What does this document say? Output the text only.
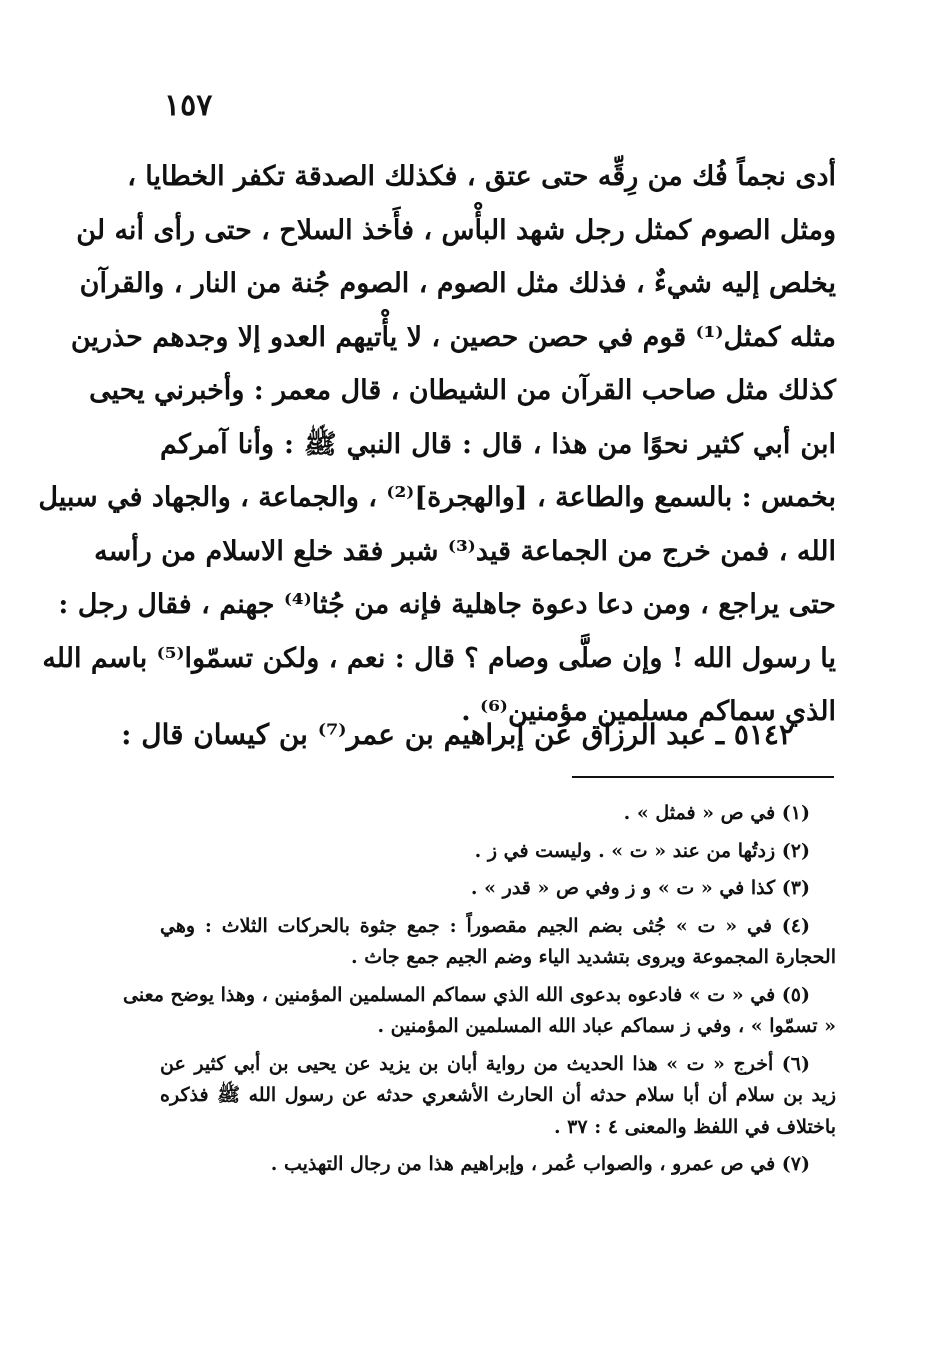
١٥٧
أدى نجماً فُك من رِقِّه حتى عتق ، فكذلك الصدقة تكفر الخطايا ،
ومثل الصوم كمثل رجل شهد البأْس ، فأَخذ السلاح ، حتى رأى أنه لن
يخلص إليه شيءٌ ، فذلك مثل الصوم ، الصوم جُنة من النار ، والقرآن
مثله كمثل⁽¹⁾ قوم في حصن حصين ، لا يأْتيهم العدو إلا وجدهم حذرين
كذلك مثل صاحب القرآن من الشيطان ، قال معمر : وأخبرني يحيى
ابن أبي كثير نحوًا من هذا ، قال : قال النبي ﷺ : وأنا آمركم
بخمس : بالسمع والطاعة ، [والهجرة]⁽²⁾ ، والجماعة ، والجهاد في سبيل
الله ، فمن خرج من الجماعة قيد⁽³⁾ شبر فقد خلع الاسلام من رأسه
حتى يراجع ، ومن دعا دعوة جاهلية فإنه من جُثا⁽⁴⁾ جهنم ، فقال رجل :
يا رسول الله ! وإن صلَّى وصام ؟ قال : نعم ، ولكن تسمّوا⁽⁵⁾ باسم الله
الذي سماكم مسلمين مؤمنين⁽⁶⁾ .
٥١٤٢ ـ عبد الرزاق عن إبراهيم بن عمر⁽⁷⁾ بن كيسان قال :
(١) في ص « فمثل » .
(٢) زدتُها من عند « ت » . وليست في ز .
(٣) كذا في « ت » و ز وفي ص « قدر » .
(٤) في « ت » جُثى بضم الجيم مقصوراً : جمع جثوة بالحركات الثلاث : وهي
الحجارة المجموعة ويروى بتشديد الياء وضم الجيم جمع جاث .
(٥) في « ت » فادعوه بدعوى الله الذي سماكم المسلمين المؤمنين ، وهذا يوضح معنى
« تسمّوا » ، وفي ز سماكم عباد الله المسلمين المؤمنين .
(٦) أخرج « ت » هذا الحديث من رواية أبان بن يزيد عن يحيى بن أبي كثير عن
زيد بن سلام أن أبا سلام حدثه أن الحارث الأشعري حدثه عن رسول الله ﷺ فذكره
باختلاف في اللفظ والمعنى ٤ : ٣٧ .
(٧) في ص عمرو ، والصواب عُمر ، وإبراهيم هذا من رجال التهذيب .
